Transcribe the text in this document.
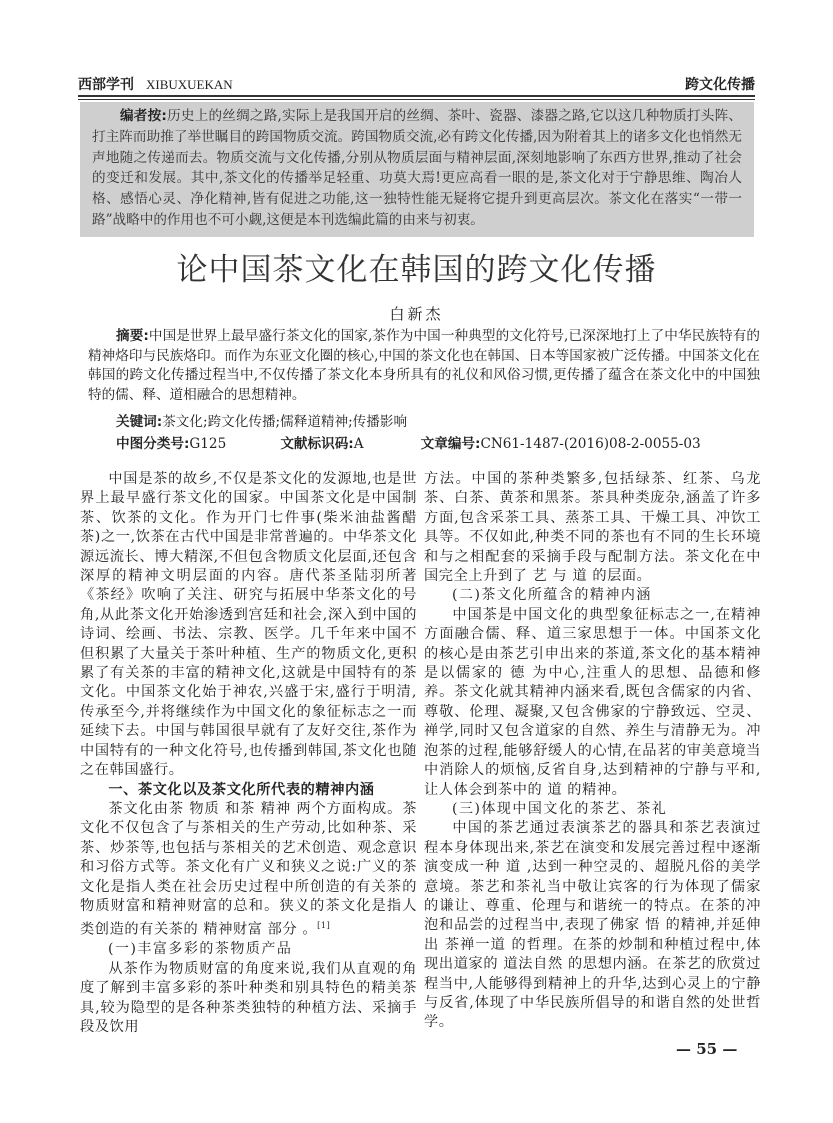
西部学刊 XIBUXUEKAN	跨文化传播
编者按:历史上的丝绸之路,实际上是我国开启的丝绸、茶叶、瓷器、漆器之路,它以这几种物质打头阵、打主阵而助推了举世瞩目的跨国物质交流。跨国物质交流,必有跨文化传播,因为附着其上的诸多文化也悄然无声地随之传递而去。物质交流与文化传播,分别从物质层面与精神层面,深刻地影响了东西方世界,推动了社会的变迁和发展。其中,茶文化的传播举足轻重、功莫大焉!更应高看一眼的是,茶文化对于宁静思维、陶冶人格、感悟心灵、净化精神,皆有促进之功能,这一独特性能无疑将它提升到更高层次。茶文化在落实“一带一路”战略中的作用也不可小觑,这便是本刊选编此篇的由来与初衷。
论中国茶文化在韩国的跨文化传播
白新杰
摘要:中国是世界上最早盛行茶文化的国家,茶作为中国一种典型的文化符号,已深深地打上了中华民族特有的精神烙印与民族烙印。而作为东亚文化圈的核心,中国的茶文化也在韩国、日本等国家被广泛传播。中国茶文化在韩国的跨文化传播过程当中,不仅传播了茶文化本身所具有的礼仪和风俗习惯,更传播了蕴含在茶文化中的中国独特的儒、释、道相融合的思想精神。
关键词:茶文化;跨文化传播;儒释道精神;传播影响
中图分类号:G125	文献标识码:A	文章编号:CN61-1487-(2016)08-2-0055-03

中国是茶的故乡,不仅是茶文化的发源地,也是世界上最早盛行茶文化的国家。中国茶文化是中国制茶、饮茶的文化。作为开门七件事(柴米油盐酱醋茶)之一,饮茶在古代中国是非常普遍的。中华茶文化源远流长、博大精深,不但包含物质文化层面,还包含深厚的精神文明层面的内容。唐代茶圣陆羽所著《茶经》吹响了关注、研究与拓展中华茶文化的号角,从此茶文化开始渗透到宫廷和社会,深入到中国的诗词、绘画、书法、宗教、医学。几千年来中国不但积累了大量关于茶叶种植、生产的物质文化,更积累了有关茶的丰富的精神文化,这就是中国特有的茶文化。中国茶文化始于神农,兴盛于宋,盛行于明清,传承至今,并将继续作为中国文化的象征标志之一而延续下去。中国与韩国很早就有了友好交往,茶作为中国特有的一种文化符号,也传播到韩国,茶文化也随之在韩国盛行。

一、茶文化以及茶文化所代表的精神内涵

茶文化由茶 物质 和茶 精神 两个方面构成。茶文化不仅包含了与茶相关的生产劳动,比如种茶、采茶、炒茶等,也包括与茶相关的艺术创造、观念意识和习俗方式等。茶文化有广义和狭义之说:广义的茶文化是指人类在社会历史过程中所创造的有关茶的物质财富和精神财富的总和。狭义的茶文化是指人类创造的有关茶的 精神财富 部分 。[1]

(一)丰富多彩的茶物质产品

从茶作为物质财富的角度来说,我们从直观的角度了解到丰富多彩的茶叶种类和别具特色的精美茶具,较为隐型的是各种茶类独特的种植方法、采摘手段及饮用

方法。中国的茶种类繁多,包括绿茶、红茶、乌龙茶、白茶、黄茶和黑茶。茶具种类庞杂,涵盖了许多方面,包含采茶工具、蒸茶工具、干燥工具、冲饮工具等。不仅如此,种类不同的茶也有不同的生长环境和与之相配套的采摘手段与配制方法。茶文化在中国完全上升到了 艺 与 道 的层面。

(二)茶文化所蕴含的精神内涵

中国茶是中国文化的典型象征标志之一,在精神方面融合儒、释、道三家思想于一体。中国茶文化的核心是由茶艺引申出来的茶道,茶文化的基本精神是以儒家的 德 为中心,注重人的思想、品德和修养。茶文化就其精神内涵来看,既包含儒家的内省、尊敬、伦理、凝聚,又包含佛家的宁静致远、空灵、禅学,同时又包含道家的自然、养生与清静无为。冲泡茶的过程,能够舒缓人的心情,在品茗的审美意境当中消除人的烦恼,反省自身,达到精神的宁静与平和,让人体会到茶中的 道 的精神。

(三)体现中国文化的茶艺、茶礼

中国的茶艺通过表演茶艺的器具和茶艺表演过程本身体现出来,茶艺在演变和发展完善过程中逐渐演变成一种 道 ,达到一种空灵的、超脱凡俗的美学意境。茶艺和茶礼当中敬让宾客的行为体现了儒家的谦让、尊重、伦理与和谐统一的特点。在茶的冲泡和品尝的过程当中,表现了佛家 悟 的精神,并延伸出 茶禅一道 的哲理。在茶的炒制和种植过程中,体现出道家的 道法自然 的思想内涵。在茶艺的欣赏过程当中,人能够得到精神上的升华,达到心灵上的宁静与反省,体现了中华民族所倡导的和谐自然的处世哲学。

— 55 —
